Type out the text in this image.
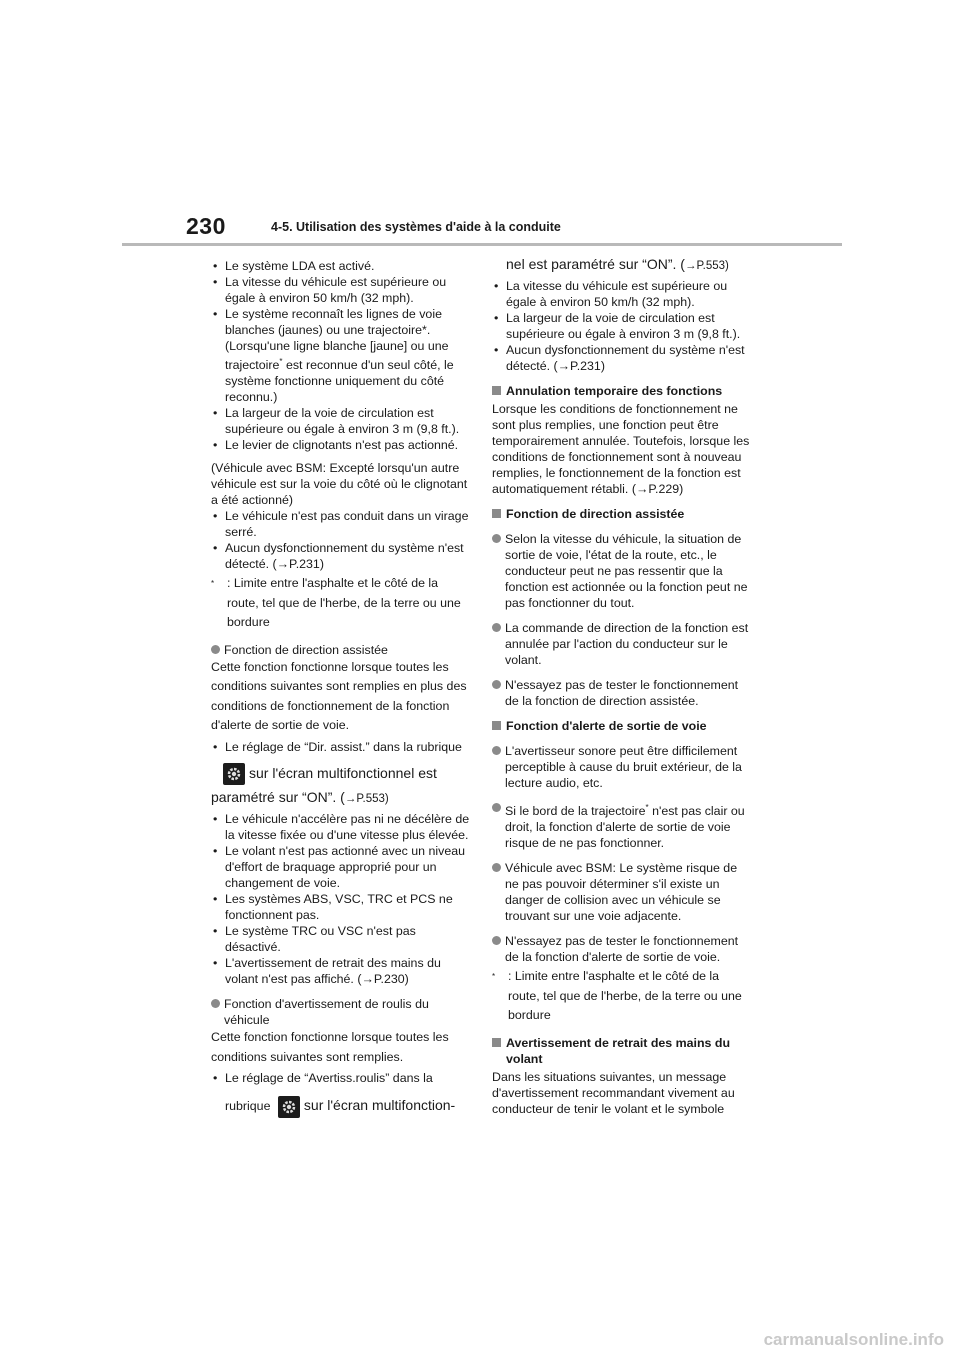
230	4-5. Utilisation des systèmes d'aide à la conduite
• Le système LDA est activé.
• La vitesse du véhicule est supérieure ou égale à environ 50 km/h (32 mph).
• Le système reconnaît les lignes de voie blanches (jaunes) ou une trajectoire*. (Lorsqu'une ligne blanche [jaune] ou une trajectoire* est reconnue d'un seul côté, le système fonctionne uniquement du côté reconnu.)
• La largeur de la voie de circulation est supérieure ou égale à environ 3 m (9,8 ft.).
• Le levier de clignotants n'est pas actionné.
(Véhicule avec BSM: Excepté lorsqu'un autre véhicule est sur la voie du côté où le clignotant a été actionné)
• Le véhicule n'est pas conduit dans un virage serré.
• Aucun dysfonctionnement du système n'est détecté. (→P.231)
* : Limite entre l'asphalte et le côté de la route, tel que de l'herbe, de la terre ou une bordure
Fonction de direction assistée
Cette fonction fonctionne lorsque toutes les conditions suivantes sont remplies en plus des conditions de fonctionnement de la fonction d'alerte de sortie de voie.
• Le réglage de “Dir. assist.” dans la rubrique
sur l'écran multifonctionnel est paramétré sur “ON”. (→P.553)
• Le véhicule n'accélère pas ni ne décélère de la vitesse fixée ou d'une vitesse plus élevée.
• Le volant n'est pas actionné avec un niveau d'effort de braquage approprié pour un changement de voie.
• Les systèmes ABS, VSC, TRC et PCS ne fonctionnent pas.
• Le système TRC ou VSC n'est pas désactivé.
• L'avertissement de retrait des mains du volant n'est pas affiché. (→P.230)
Fonction d'avertissement de roulis du véhicule
Cette fonction fonctionne lorsque toutes les conditions suivantes sont remplies.
• Le réglage de “Avertiss.roulis” dans la
rubrique sur l'écran multifonction-
nel est paramétré sur “ON”. (→P.553)
• La vitesse du véhicule est supérieure ou égale à environ 50 km/h (32 mph).
• La largeur de la voie de circulation est supérieure ou égale à environ 3 m (9,8 ft.).
• Aucun dysfonctionnement du système n'est détecté. (→P.231)
Annulation temporaire des fonctions
Lorsque les conditions de fonctionnement ne sont plus remplies, une fonction peut être temporairement annulée. Toutefois, lorsque les conditions de fonctionnement sont à nouveau remplies, le fonctionnement de la fonction est automatiquement rétabli. (→P.229)
Fonction de direction assistée
Selon la vitesse du véhicule, la situation de sortie de voie, l'état de la route, etc., le conducteur peut ne pas ressentir que la fonction est actionnée ou la fonction peut ne pas fonctionner du tout.
La commande de direction de la fonction est annulée par l'action du conducteur sur le volant.
N'essayez pas de tester le fonctionnement de la fonction de direction assistée.
Fonction d'alerte de sortie de voie
L'avertisseur sonore peut être difficilement perceptible à cause du bruit extérieur, de la lecture audio, etc.
Si le bord de la trajectoire* n'est pas clair ou droit, la fonction d'alerte de sortie de voie risque de ne pas fonctionner.
Véhicule avec BSM: Le système risque de ne pas pouvoir déterminer s'il existe un danger de collision avec un véhicule se trouvant sur une voie adjacente.
N'essayez pas de tester le fonctionnement de la fonction d'alerte de sortie de voie.
* : Limite entre l'asphalte et le côté de la route, tel que de l'herbe, de la terre ou une bordure
Avertissement de retrait des mains du volant
Dans les situations suivantes, un message d'avertissement recommandant vivement au conducteur de tenir le volant et le symbole
carmanualsonline.info
